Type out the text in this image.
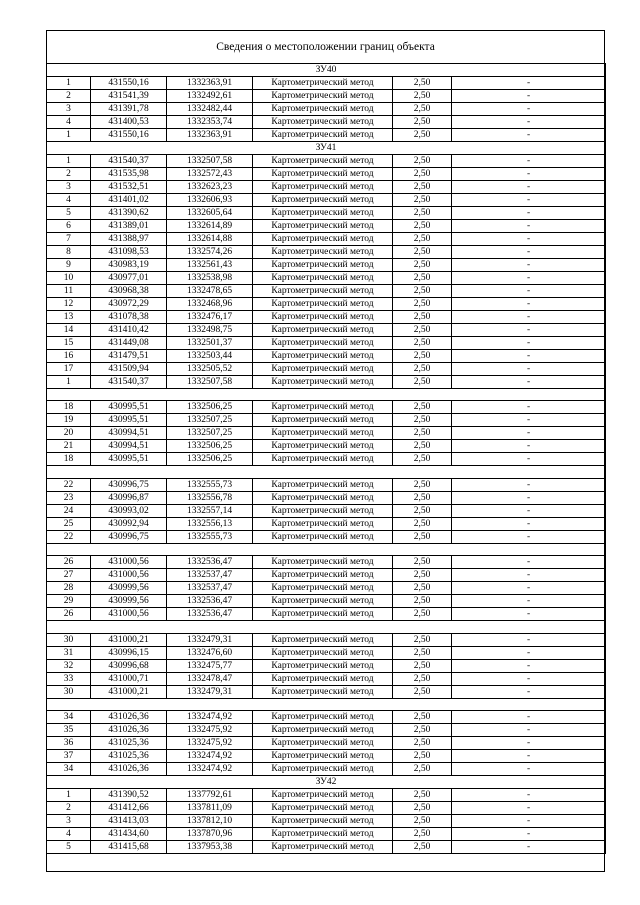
Сведения о местоположении границ объекта
ЗУ40					
1	431550,16	1332363,91	Картометрический метод	2,50	-
2	431541,39	1332492,61	Картометрический метод	2,50	-
3	431391,78	1332482,44	Картометрический метод	2,50	-
4	431400,53	1332353,74	Картометрический метод	2,50	-
1	431550,16	1332363,91	Картометрический метод	2,50	-
ЗУ41					
1	431540,37	1332507,58	Картометрический метод	2,50	-
2	431535,98	1332572,43	Картометрический метод	2,50	-
3	431532,51	1332623,23	Картометрический метод	2,50	-
4	431401,02	1332606,93	Картометрический метод	2,50	-
5	431390,62	1332605,64	Картометрический метод	2,50	-
6	431389,01	1332614,89	Картометрический метод	2,50	-
7	431388,97	1332614,88	Картометрический метод	2,50	-
8	431098,53	1332574,26	Картометрический метод	2,50	-
9	430983,19	1332561,43	Картометрический метод	2,50	-
10	430977,01	1332538,98	Картометрический метод	2,50	-
11	430968,38	1332478,65	Картометрический метод	2,50	-
12	430972,29	1332468,96	Картометрический метод	2,50	-
13	431078,38	1332476,17	Картометрический метод	2,50	-
14	431410,42	1332498,75	Картометрический метод	2,50	-
15	431449,08	1332501,37	Картометрический метод	2,50	-
16	431479,51	1332503,44	Картометрический метод	2,50	-
17	431509,94	1332505,52	Картометрический метод	2,50	-
1	431540,37	1332507,58	Картометрический метод	2,50	-

18	430995,51	1332506,25	Картометрический метод	2,50	-
19	430995,51	1332507,25	Картометрический метод	2,50	-
20	430994,51	1332507,25	Картометрический метод	2,50	-
21	430994,51	1332506,25	Картометрический метод	2,50	-
18	430995,51	1332506,25	Картометрический метод	2,50	-

22	430996,75	1332555,73	Картометрический метод	2,50	-
23	430996,87	1332556,78	Картометрический метод	2,50	-
24	430993,02	1332557,14	Картометрический метод	2,50	-
25	430992,94	1332556,13	Картометрический метод	2,50	-
22	430996,75	1332555,73	Картометрический метод	2,50	-

26	431000,56	1332536,47	Картометрический метод	2,50	-
27	431000,56	1332537,47	Картометрический метод	2,50	-
28	430999,56	1332537,47	Картометрический метод	2,50	-
29	430999,56	1332536,47	Картометрический метод	2,50	-
26	431000,56	1332536,47	Картометрический метод	2,50	-

30	431000,21	1332479,31	Картометрический метод	2,50	-
31	430996,15	1332476,60	Картометрический метод	2,50	-
32	430996,68	1332475,77	Картометрический метод	2,50	-
33	431000,71	1332478,47	Картометрический метод	2,50	-
30	431000,21	1332479,31	Картометрический метод	2,50	-

34	431026,36	1332474,92	Картометрический метод	2,50	-
35	431026,36	1332475,92	Картометрический метод	2,50	-
36	431025,36	1332475,92	Картометрический метод	2,50	-
37	431025,36	1332474,92	Картометрический метод	2,50	-
34	431026,36	1332474,92	Картометрический метод	2,50	-
ЗУ42					
1	431390,52	1337792,61	Картометрический метод	2,50	-
2	431412,66	1337811,09	Картометрический метод	2,50	-
3	431413,03	1337812,10	Картометрический метод	2,50	-
4	431434,60	1337870,96	Картометрический метод	2,50	-
5	431415,68	1337953,38	Картометрический метод	2,50	-
